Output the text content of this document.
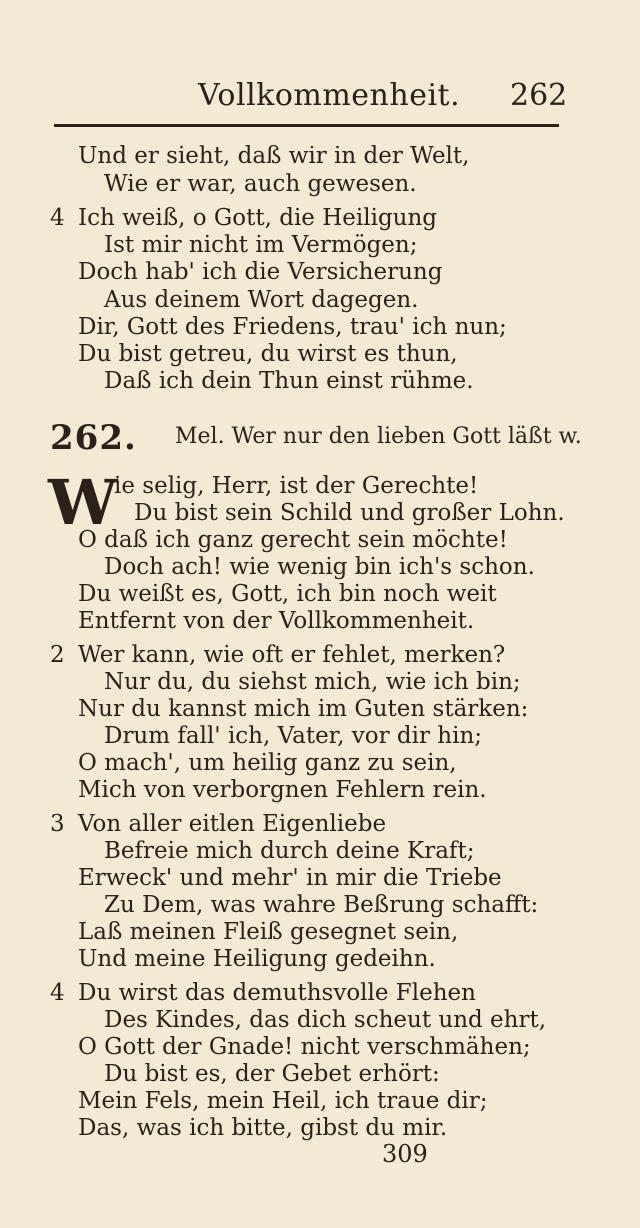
Vollkommenheit. 262
Und er sieht, daß wir in der Welt,
Wie er war, auch gewesen.
4 Ich weiß, o Gott, die Heiligung
Ist mir nicht im Vermögen;
Doch hab' ich die Versicherung
Aus deinem Wort dagegen.
Dir, Gott des Friedens, trau' ich nun;
Du bist getreu, du wirst es thun,
Daß ich dein Thun einst rühme.
262. Mel. Wer nur den lieben Gott läßt w.
W
ie selig, Herr, ist der Gerechte!
Du bist sein Schild und großer Lohn.
O daß ich ganz gerecht sein möchte!
Doch ach! wie wenig bin ich's schon.
Du weißt es, Gott, ich bin noch weit
Entfernt von der Vollkommenheit.
2 Wer kann, wie oft er fehlet, merken?
Nur du, du siehst mich, wie ich bin;
Nur du kannst mich im Guten stärken:
Drum fall' ich, Vater, vor dir hin;
O mach', um heilig ganz zu sein,
Mich von verborgnen Fehlern rein.
3 Von aller eitlen Eigenliebe
Befreie mich durch deine Kraft;
Erweck' und mehr' in mir die Triebe
Zu Dem, was wahre Beßrung schafft:
Laß meinen Fleiß gesegnet sein,
Und meine Heiligung gedeihn.
4 Du wirst das demuthsvolle Flehen
Des Kindes, das dich scheut und ehrt,
O Gott der Gnade! nicht verschmähen;
Du bist es, der Gebet erhört:
Mein Fels, mein Heil, ich traue dir;
Das, was ich bitte, gibst du mir.
309
